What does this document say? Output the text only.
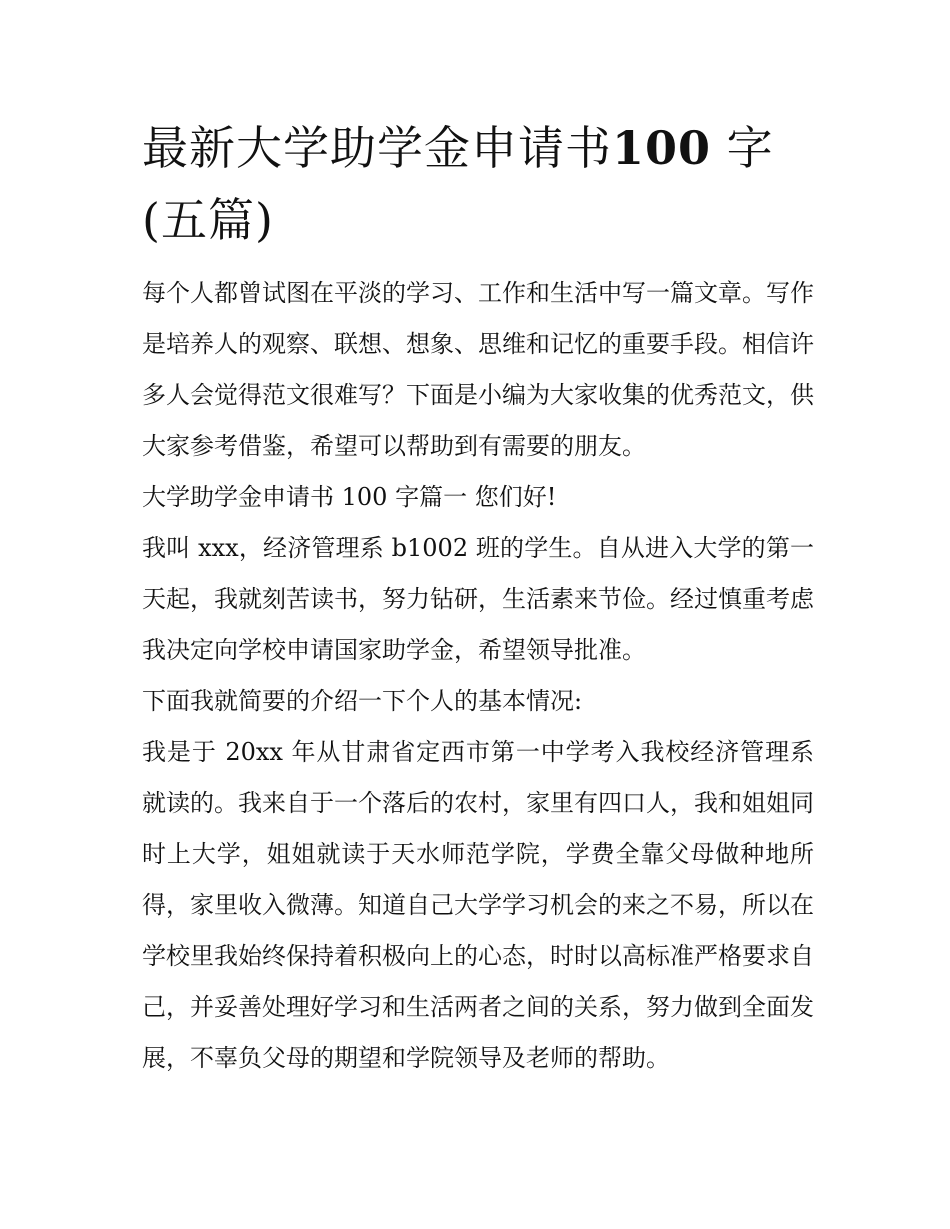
最新大学助学金申请书100 字(五篇)

每个人都曾试图在平淡的学习、工作和生活中写一篇文章。写作是培养人的观察、联想、想象、思维和记忆的重要手段。相信许多人会觉得范文很难写？下面是小编为大家收集的优秀范文，供大家参考借鉴，希望可以帮助到有需要的朋友。

大学助学金申请书 100 字篇一 您们好!

我叫 xxx，经济管理系 b1002 班的学生。自从进入大学的第一天起，我就刻苦读书，努力钻研，生活素来节俭。经过慎重考虑我决定向学校申请国家助学金，希望领导批准。

下面我就简要的介绍一下个人的基本情况:

我是于 20xx 年从甘肃省定西市第一中学考入我校经济管理系就读的。我来自于一个落后的农村，家里有四口人，我和姐姐同时上大学，姐姐就读于天水师范学院，学费全靠父母做种地所得，家里收入微薄。知道自己大学学习机会的来之不易，所以在学校里我始终保持着积极向上的心态，时时以高标准严格要求自己，并妥善处理好学习和生活两者之间的关系，努力做到全面发展，不辜负父母的期望和学院领导及老师的帮助。
